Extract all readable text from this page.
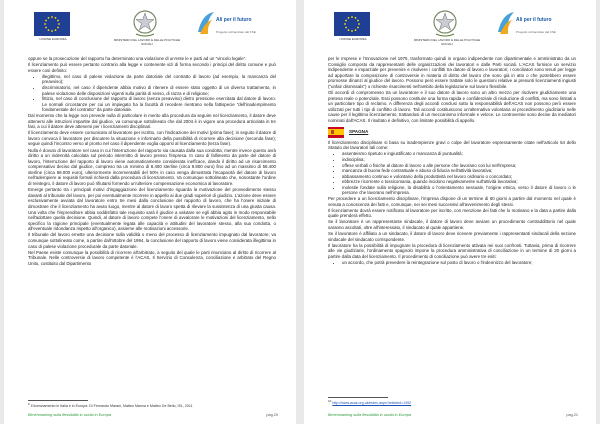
UNIONE EUROPEA	MINISTERO DEL LAVORO E DELLE POLITICHE SOCIALI
Ali per il futuro
Progetto cofinanziato dal FSE

oppure se la prosecuzione del rapporto ha determinato una violazione di un'ente le e parti ad un "vincolo legale".

Il licenziamento può essere pertanto contrario alla legge e contenente vizi di forma secondo i principi del diritto comune e può essere così definito:

• illegittimo, nel caso di palese violazione da parte datoriale del contratto di lavoro (ad esempio, la mancanza del preavviso);
• discriminatorio, nel caso il dipendente abbia motivo di ritenere di essere stato oggetto di un diverso trattamento, in palese violazione delle disposizioni vigenti sulla parità di sesso, di razza e di religione;
• fittizio, nel caso di conclusione del rapporto di lavoro (senza preavviso) dietro pressione esercitata dal datore di lavoro. Le normali circostanze per cui un impiegato ha la facoltà di recedere rientrano nella fattispecie "dell'inadempimento fondamentale del contratto" da parte datoriale.

Dal momento che la legge non prevede nulla di particolare in merito alla procedura da seguire nel licenziamento, il datore deve attenersi alle istruzioni impartite dal giudice, va comunque sottolineato che dal 2004 è in vigore una procedura articolata in tre fasi, a cui il datore deve attenersi per i licenziamenti disciplinari.

Il licenziamento deve essere comunicato al lavoratore per iscritto, con l'indicazione dei motivi (prima fase); in seguito il datore di lavoro convoca il lavoratore per discutere la situazione e informarlo della possibilità di ricorrere alla decisione (seconda fase); segue quindi l'incontro verso al pronto nel caso il dipendente voglia opporsi al licenziamento (terza fase).

Nulla è dovuto di lavoratore nel caso in cui l'interruzione del rapporto sia causata dalla sua condotta, mentre invece questo avrà diritto a un indennità calcolata sul periodo intermitto di lavoro presso l'impresa. In caso di fallimento da parte del datore di lavoro, l'interruzione del rapporto di lavoro viene automaticamente considerata ineffcace, dando il diritto ad un risarcimento compensativo deciso dal giudice, compreso tra un minimo di 8.400 sterline (circa 9.800 euro) fino ad un massimo di 58.400 sterline (circa 68.000 euro), ulteriormente incrementabili del 50% in caso venga dimostrata l'incapacità del datore di lavoro nell'adempiere ai requisiti formali richiesti dalla procedura di licenziamento. Va comunque sottolineato che, nonostante l'ordine di reintegro, il datore di lavoro può rifiutarsi fornendo un'ulteriore compensazione economica al lavoratore.

Emerge pertanto tra i principali motivi d'ingaggiazione del licenziamento riguarda la motivazione del provvedimento stesso davanti al tribunale del lavoro, per poi eventualmente ricorrere in appello ai due gradi superiori di giudizio. L'azione deve essere esclusivamente avviata dal lavoratore entro tre mesi dalla conclusione del rapporto di lavoro, che ha l'onere iniziale di dimostrare che il licenziamento ha avuto luogo, mentre al datore di lavoro spetta di rilevare la sussistenza di una giusta causa. Una volta che l'imprenditore abbia soddisfatto tale requisito sarà il giudice a valutare se egli abbia agito in modo responsabile nell'adottare quella decisione. Quindi, al datore di lavoro compete l'onere di avvalorare le motivazioni del licenziamento, nello specifico la ragione principale (eventualmente legata alle capacità e attitudini del lavoratore stesso, alla sua condotta, o all'eventuale ridondanza rispetto all'organico), assieme alle motivazioni accessorie.

Il tribunale del lavoro emette una decisione sulla validità o meno del processo di licenziamento impugnato dal lavoratore; va comunque sottolineato come, a partire dall'ottobre del 1994, la conclusione del rapporto di lavoro viene considerata illegittima in caso di palese violazione procedurale da parte datoriale.

Nel Paese esiste comunque la possibilità di ricorrere all'arbitrato, a seguito del quale le parti rinunciano al diritto di ricorrere al Tribunale. Nelle controversie di lavoro competente è l'ACAS, Il Servizio di Consulenza, conciliazione e arbitrato del Regno Unito, costituito dal Dipartimento

$^9$ Il licenziamento in Italia e in Europa. Di Fernando Marani, Matteo Manna e Matteo De Bello, ISL, 2011
Benchmarking sulla flessibilità in uscita in Europa	pag.20
UNIONE EUROPEA	MINISTERO DEL LAVORO E DELLE POLITICHE SOCIALI
Ali per il futuro
Progetto cofinanziato dal FSE

per le Imprese e l'Innovazione nel 1975, trasformato quindi in organo indipendente non dipartimentale e amministrato da un Consiglio composto da rappresentanti delle organizzazioni dei lavoratori e dalle Parti sociali. L'ACAS fornisce un servizio indipendente e imparziale per prevenire e risolvere i conflitti tra datore di lavoro e lavoratori; i conciliatori sono tenuti per legge ad apportare la composizione di controversie in materia di diritto del lavoro che sono già in atto o che potrebbero essere promosse dinanzi al giudice del lavoro. Possono però essere trattate solo le questioni relative ai presunti licenziamenti ingiusti ("unfair dismissals") o richieste risarcimenti nell'ambito della legislazione sul lavoro flessibile.

Gli accordi di compromesso tra un lavoratore e il suo datore di lavoro sono un altro mezzo per risolvere giudiziamente una pretesa reale o potenziale. Essi possono costituire una forma rapida e confidenziale di risoluzione di conflitti, ma sono limitati a un particolare tipo di reclamo. A differenza degli accordi conclusi sotto la responsabilità dell'ACAS non possono però essere utilizzati per tutti i tipi di conflitto di lavoro. Tali accordi costituiscono un'alternativa volontaria al procedimento giudiziario nelle cause per il legittimo licenziamento, trattandosi di un meccanismo informale e veloce. Le controversie sono decise da mediatori nominati dall'ACAS. Il risultato è definitivo, con limitate possibilità di appello.

SPAGNA

Il licenziamento disciplinare si basa su inadempienze gravi o colpe del lavoratore espressamente citate nell'articolo 54 dello Statuto dei lavoratori tali come:

• assenteismo ripetuto e ingiustificato o mancanza di puntualità;
• indisciplina;
• offese verbali o fisiche al datore di lavoro o alle persone che lavorano con lui nell'impresa;
• mancanza di buona fede contrattuale e abuso di fiducia nell'attività lavorativa;
• abbassamento continuo e volontario della produttività nel lavoro ordinario o concordato;
• ebbrezze ricorrente o tossicomania, quando incidono negativamente sull'attività lavorativa;
• molestie fondate sulla religione, la disabilità o l'orientamento sessuale, l'origine etnica, verso il datore di lavoro o le persone che lavorano nell'impresa.

Per procedere a un licenziamento disciplinare, l'impresa dispone di un termine di 60 giorni a partire dal momento nel quale è venuta a conoscenza dei fatti e, comunque, nei sei mesi successivi all'avvenimento degli stessi.

Il licenziamento dovrà essere notificato al lavoratore per iscritto, con menzione dei fatti che lo motivano e la data a partire dalla quale prenderà effetto.

Se il lavoratore è un rappresentante sindacale, il datore di lavoro deve avviare un procedimento contraddittorio nel quale saranno ascoltati, oltre all'interessato, il sindacato al quale appartiene.

Se il lavoratore è affiliato a un sindacato, il datore di lavoro deve ricevere previamente i rappresentanti sindacali della sezione sindacale del sindacato corrispondente.

Il lavoratore ha la possibilità di impugnare la procedura di licenziamento attivata nei suoi confronti. Tuttavia, prima di ricorrere alle vie giudiziarie, l'ordinamento spagnolo impone la procedura amministrativa di conciliazione in un termine di 20 giorni a partire dalla data del licenziamento. Il procedimento di conciliazione può avere tre esiti:

• un accordo, che potrà prevedere la reintegrazione sul posto di lavoro o l'indennizzo del lavoratore;
$^{10}$ http://www.acas.org.uk/index.aspx?articleid=1392
Benchmarking sulla flessibilità in uscita in Europa	pag.21
